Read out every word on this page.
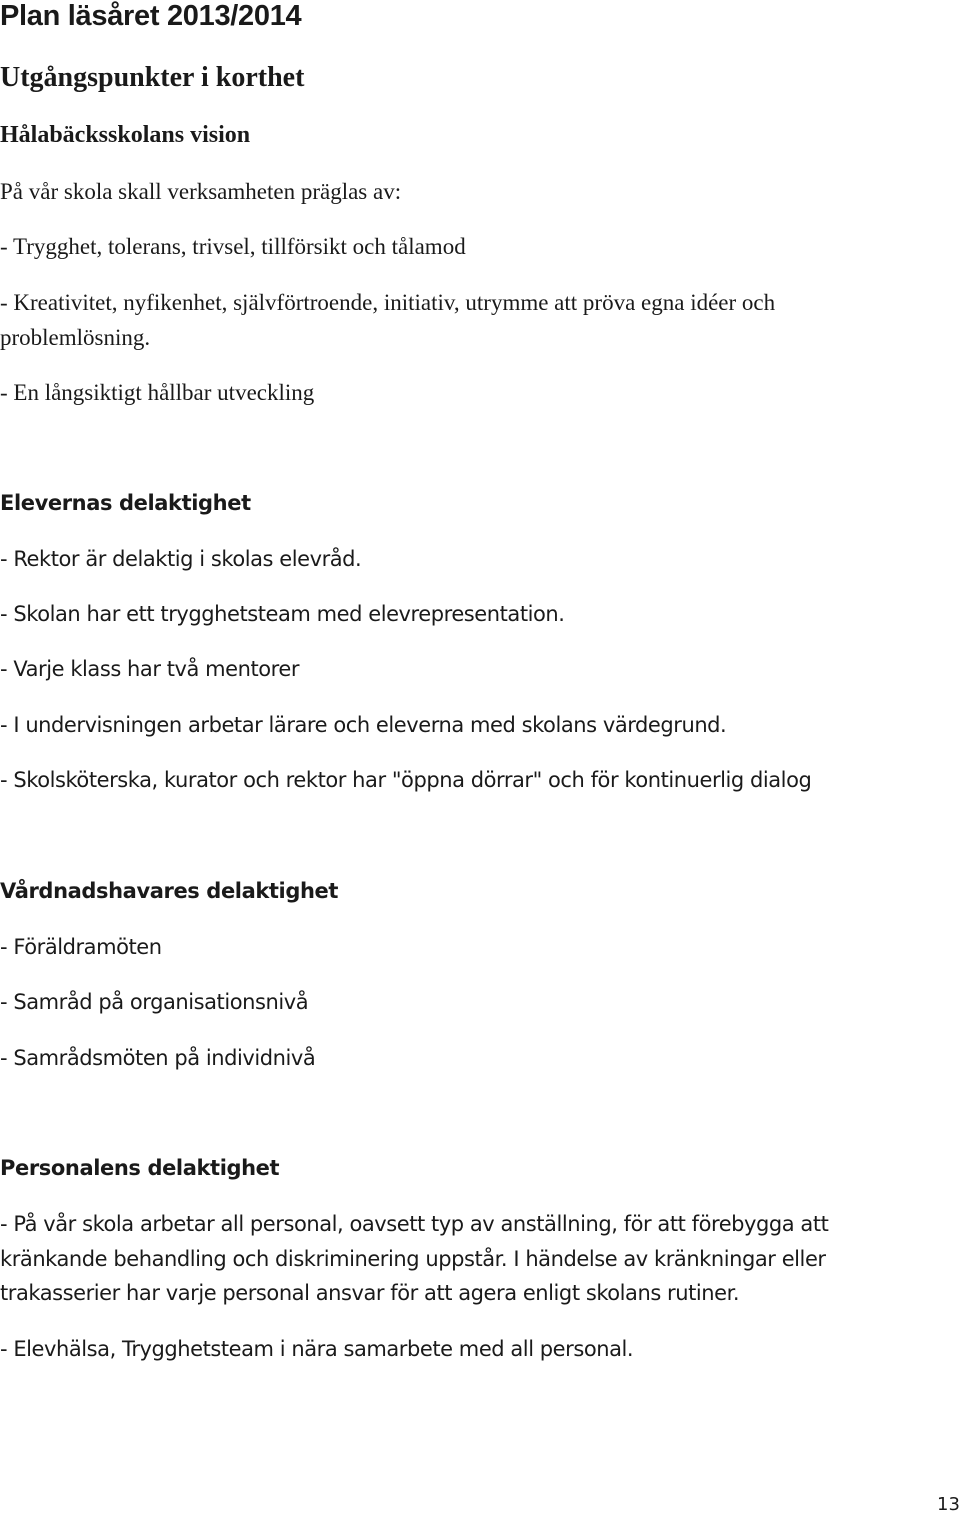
Plan läsåret 2013/2014
Utgångspunkter i korthet
Hålabäcksskolans vision
På vår skola skall verksamheten präglas av:
- Trygghet, tolerans, trivsel, tillförsikt och tålamod
- Kreativitet, nyfikenhet, självförtroende, initiativ, utrymme att pröva egna idéer och
problemlösning.
- En långsiktigt hållbar utveckling
Elevernas delaktighet
- Rektor är delaktig i skolas elevråd.
- Skolan har ett trygghetsteam med elevrepresentation.
- Varje klass har två mentorer
- I undervisningen arbetar lärare och eleverna med skolans värdegrund.
- Skolsköterska, kurator och rektor har "öppna dörrar" och för kontinuerlig dialog
Vårdnadshavares delaktighet
- Föräldramöten
- Samråd på organisationsnivå
- Samrådsmöten på individnivå
Personalens delaktighet
- På vår skola arbetar all personal, oavsett typ av anställning, för att förebygga att
kränkande behandling och diskriminering uppstår. I händelse av kränkningar eller
trakasserier har varje personal ansvar för att agera enligt skolans rutiner.
- Elevhälsa, Trygghetsteam i nära samarbete med all personal.
13
